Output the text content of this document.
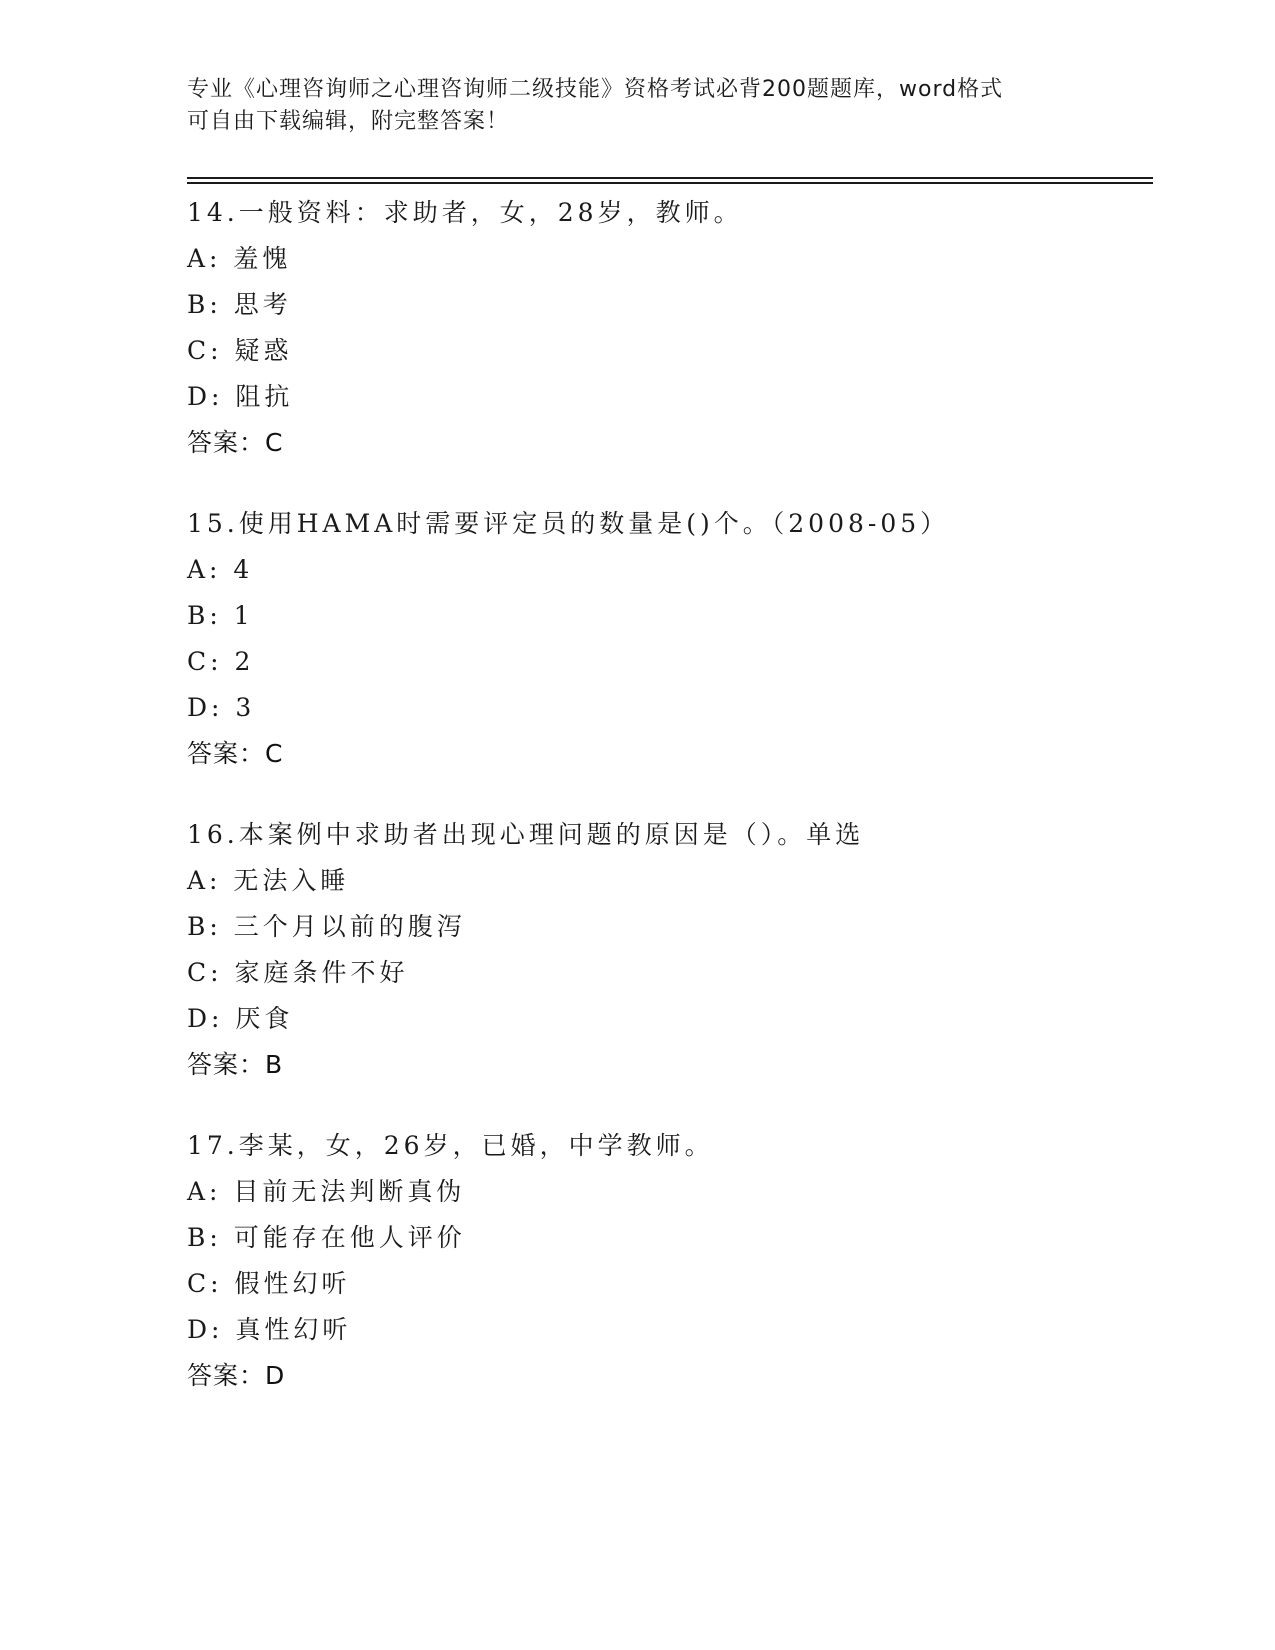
专业《心理咨询师之心理咨询师二级技能》资格考试必背200题题库，word格式
可自由下载编辑，附完整答案！
14.一般资料：求助者，女，28岁，教师。
A: 羞愧
B: 思考
C: 疑惑
D: 阻抗
答案：C
15.使用HAMA时需要评定员的数量是()个。（2008-05）
A: 4
B: 1
C: 2
D: 3
答案：C
16.本案例中求助者出现心理问题的原因是（）。单选
A: 无法入睡
B: 三个月以前的腹泻
C: 家庭条件不好
D: 厌食
答案：B
17.李某，女，26岁，已婚，中学教师。
A: 目前无法判断真伪
B: 可能存在他人评价
C: 假性幻听
D: 真性幻听
答案：D
